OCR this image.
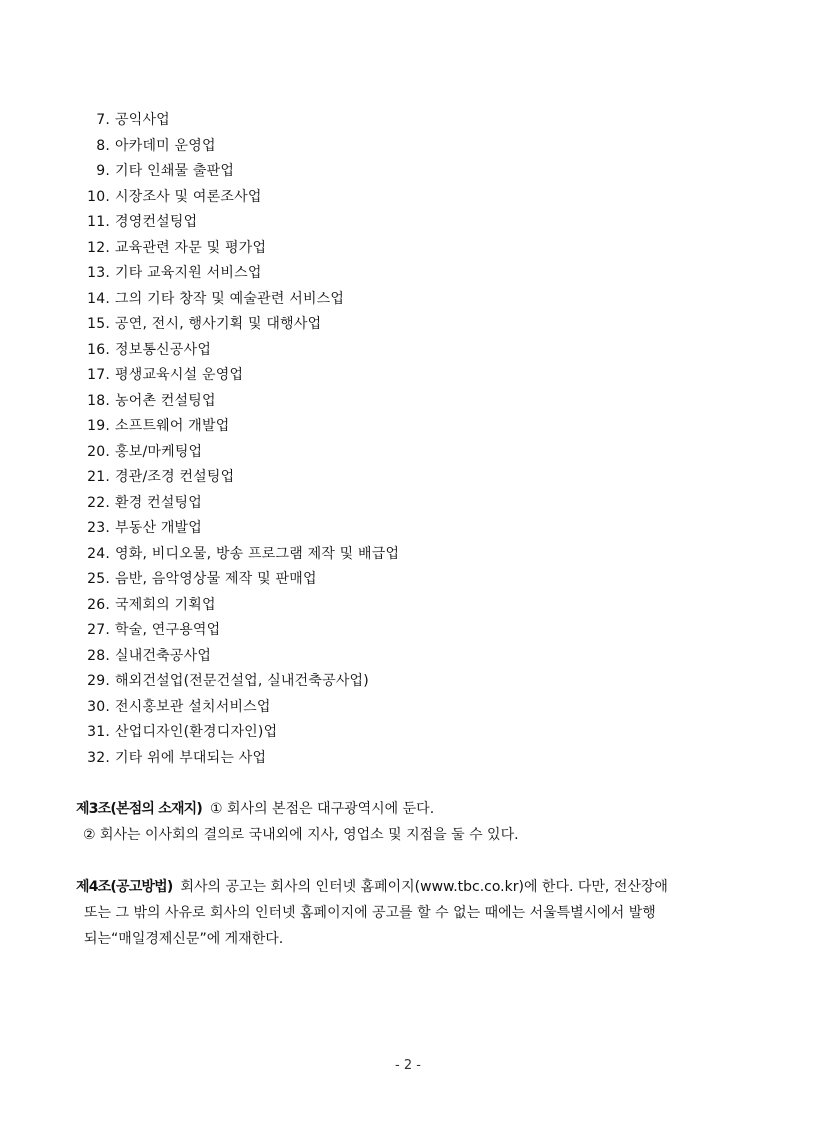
7. 공익사업
8. 아카데미 운영업
9. 기타 인쇄물 출판업
10. 시장조사 및 여론조사업
11. 경영컨설팅업
12. 교육관련 자문 및 평가업
13. 기타 교육지원 서비스업
14. 그의 기타 창작 및 예술관련 서비스업
15. 공연, 전시, 행사기획 및 대행사업
16. 정보통신공사업
17. 평생교육시설 운영업
18. 농어촌 컨설팅업
19. 소프트웨어 개발업
20. 홍보/마케팅업
21. 경관/조경 컨설팅업
22. 환경 컨설팅업
23. 부동산 개발업
24. 영화, 비디오물, 방송 프로그램 제작 및 배급업
25. 음반, 음악영상물 제작 및 판매업
26. 국제회의 기획업
27. 학술, 연구용역업
28. 실내건축공사업
29. 해외건설업(전문건설업, 실내건축공사업)
30. 전시홍보관 설치서비스업
31. 산업디자인(환경디자인)업
32. 기타 위에 부대되는 사업
제3조(본점의 소재지) ① 회사의 본점은 대구광역시에 둔다.
② 회사는 이사회의 결의로 국내외에 지사, 영업소 및 지점을 둘 수 있다.
제4조(공고방법) 회사의 공고는 회사의 인터넷 홈페이지(www.tbc.co.kr)에 한다. 다만, 전산장애
또는 그 밖의 사유로 회사의 인터넷 홈페이지에 공고를 할 수 없는 때에는 서울특별시에서 발행
되는“매일경제신문”에 게재한다.
- 2 -
